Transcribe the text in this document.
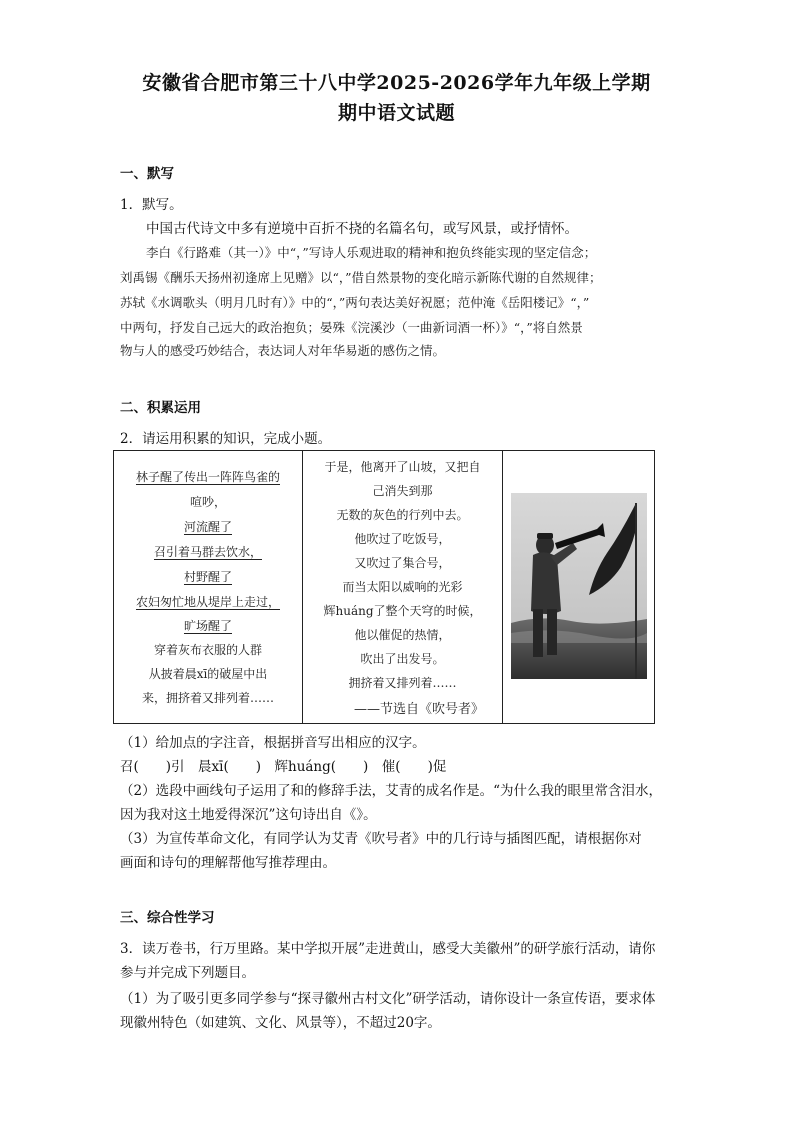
安徽省合肥市第三十八中学2025-2026学年九年级上学期
期中语文试题
一、默写
1．默写。
中国古代诗文中多有逆境中百折不挠的名篇名句，或写风景，或抒情怀。
李白《行路难（其一）》中“，”写诗人乐观进取的精神和抱负终能实现的坚定信念；
刘禹锡《酬乐天扬州初逢席上见赠》以“，”借自然景物的变化暗示新陈代谢的自然规律；
苏轼《水调歌头（明月几时有）》中的“，”两句表达美好祝愿；范仲淹《岳阳楼记》“，”
中两句，抒发自己远大的政治抱负；晏殊《浣溪沙（一曲新词酒一杯）》“，”将自然景
物与人的感受巧妙结合，表达词人对年华易逝的感伤之情。
二、积累运用
2．请运用积累的知识，完成小题。
林子醒了传出一阵阵鸟雀的
喧吵，
河流醒了
召引着马群去饮水，
村野醒了
农妇匆忙地从堤岸上走过，
旷场醒了
穿着灰布衣服的人群
从披着晨xī的破屋中出
来，拥挤着又排列着……
于是，他离开了山坡，又把自
己消失到那
无数的灰色的行列中去。
他吹过了吃饭号，
又吹过了集合号，
而当太阳以威响的光彩
辉huáng了整个天穹的时候，
他以催促的热情，
吹出了出发号。
拥挤着又排列着……
——节选自《吹号者》
（1）给加点的字注音，根据拼音写出相应的汉字。
召(　　)引　晨xī(　　)　辉huáng(　　)　催(　　)促
（2）选段中画线句子运用了和的修辞手法，艾青的成名作是。“为什么我的眼里常含泪水，
因为我对这土地爱得深沉”这句诗出自《》。
（3）为宣传革命文化，有同学认为艾青《吹号者》中的几行诗与插图匹配，请根据你对
画面和诗句的理解帮他写推荐理由。
三、综合性学习
3．读万卷书，行万里路。某中学拟开展”走进黄山，感受大美徽州”的研学旅行活动，请你
参与并完成下列题目。
（1）为了吸引更多同学参与“探寻徽州古村文化”研学活动，请你设计一条宣传语，要求体
现徽州特色（如建筑、文化、风景等），不超过20字。
